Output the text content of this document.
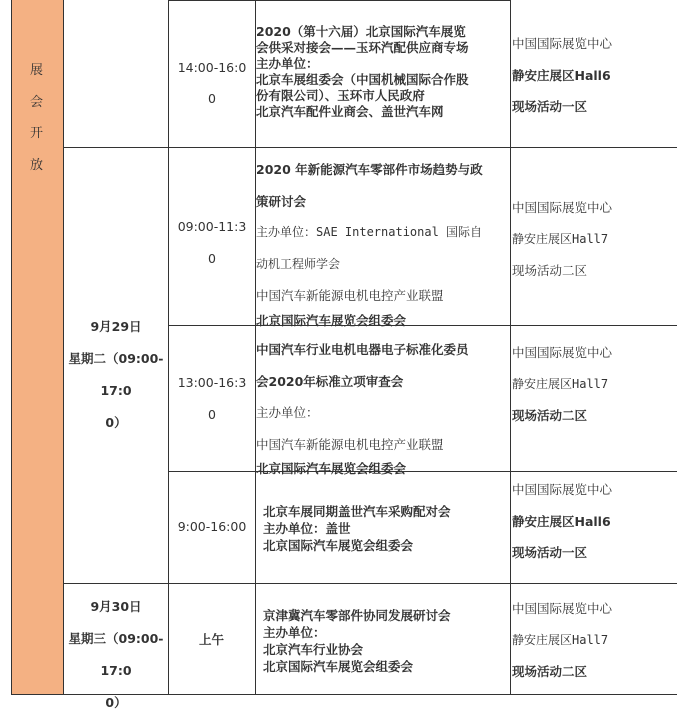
展
会
开
放
14:00-16:0
0
2020（第十六届）北京国际汽车展览
会供采对接会——玉环汽配供应商专场
主办单位：
北京车展组委会（中国机械国际合作股
份有限公司）、玉环市人民政府
北京汽车配件业商会、盖世汽车网
中国国际展览中心
静安庄展区Hall6
现场活动一区
09:00-11:3
0
2020 年新能源汽车零部件市场趋势与政
策研讨会
主办单位：SAE International 国际自
动机工程师学会
中国汽车新能源电机电控产业联盟
北京国际汽车展览会组委会
中国国际展览中心
静安庄展区Hall7
现场活动二区
9月29日
星期二（09:00-17:0
0）
13:00-16:3
0
中国汽车行业电机电器电子标准化委员
会2020年标准立项审查会
主办单位：
中国汽车新能源电机电控产业联盟
北京国际汽车展览会组委会
中国国际展览中心
静安庄展区Hall7
现场活动二区
9:00-16:00
北京车展同期盖世汽车采购配对会
主办单位：盖世
北京国际汽车展览会组委会
中国国际展览中心
静安庄展区Hall6
现场活动一区
9月30日
星期三（09:00-17:0
0）
上午
京津冀汽车零部件协同发展研讨会
主办单位：
北京汽车行业协会
北京国际汽车展览会组委会
中国国际展览中心
静安庄展区Hall7
现场活动二区
